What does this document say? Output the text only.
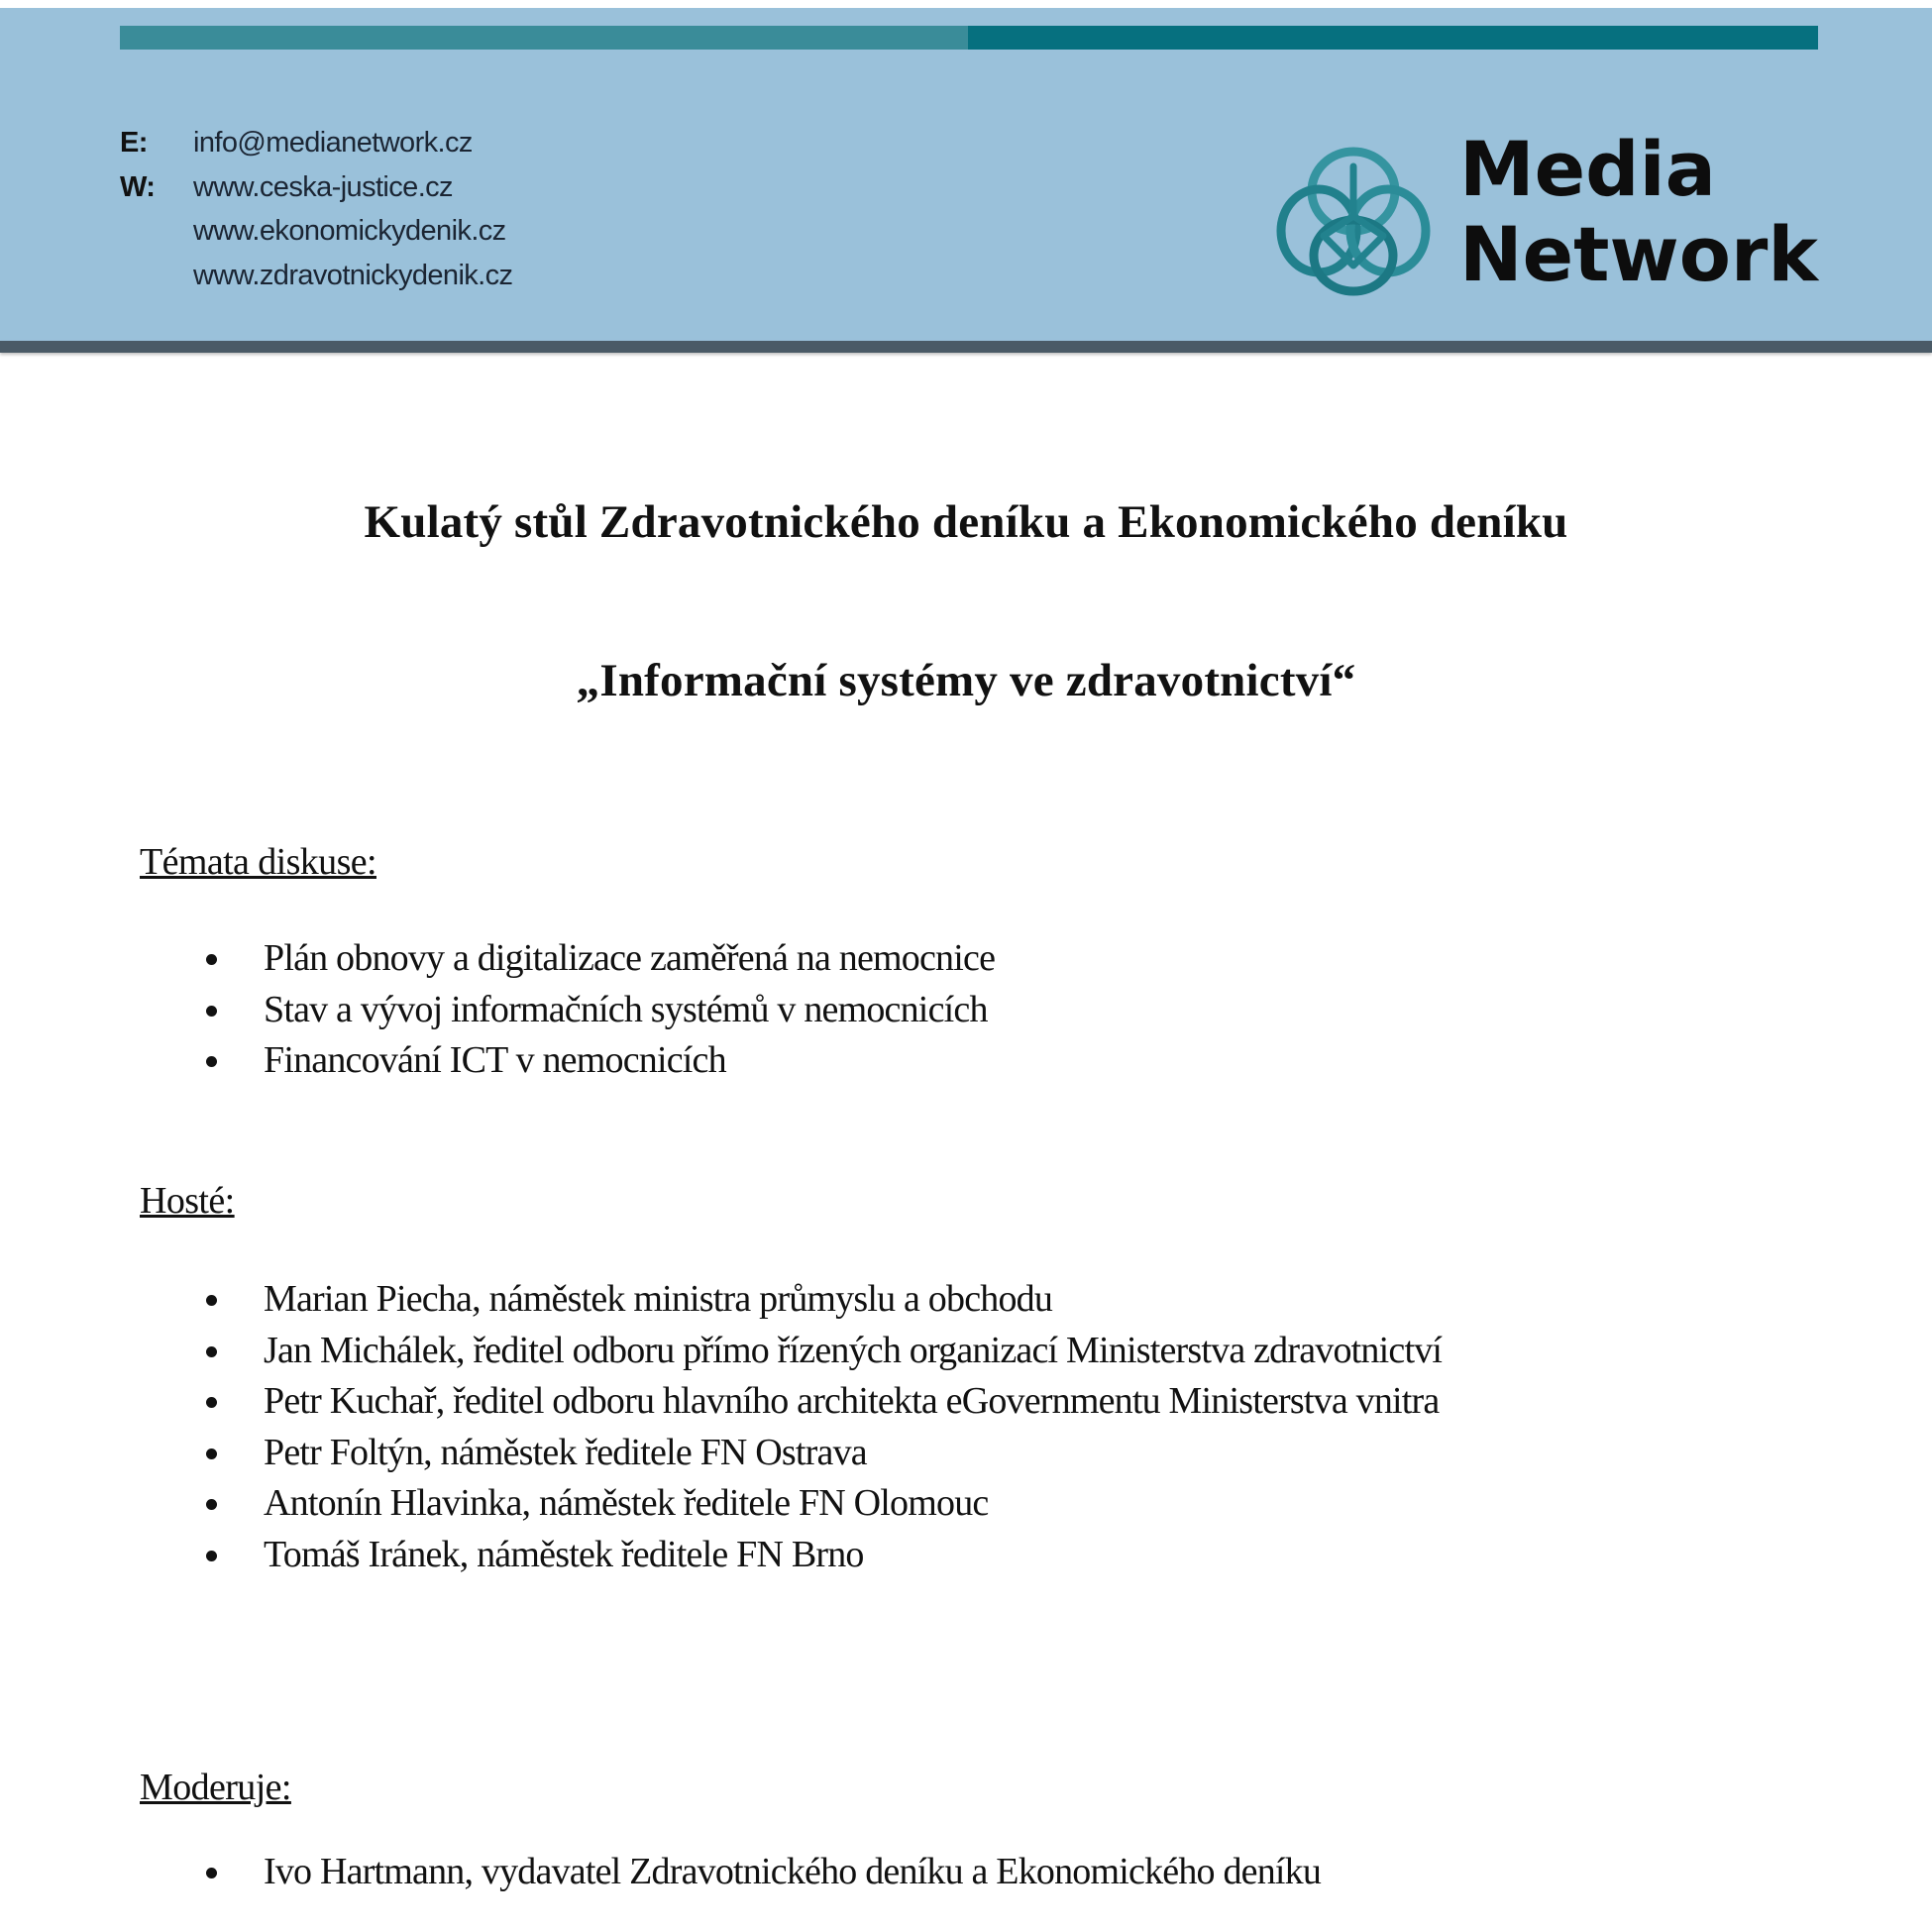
E:	info@medianetwork.cz
W:	www.ceska-justice.cz
www.ekonomickydenik.cz
www.zdravotnickydenik.cz
Media
Network
Kulatý stůl Zdravotnického deníku a Ekonomického deníku
„Informační systémy ve zdravotnictví“
Témata diskuse:
Plán obnovy a digitalizace zaměřená na nemocnice
Stav a vývoj informačních systémů v nemocnicích
Financování ICT v nemocnicích
Hosté:
Marian Piecha, náměstek ministra průmyslu a obchodu
Jan Michálek, ředitel odboru přímo řízených organizací Ministerstva zdravotnictví
Petr Kuchař, ředitel odboru hlavního architekta eGovernmentu Ministerstva vnitra
Petr Foltýn, náměstek ředitele FN Ostrava
Antonín Hlavinka, náměstek ředitele FN Olomouc
Tomáš Iránek, náměstek ředitele FN Brno
Moderuje:
Ivo Hartmann, vydavatel Zdravotnického deníku a Ekonomického deníku
